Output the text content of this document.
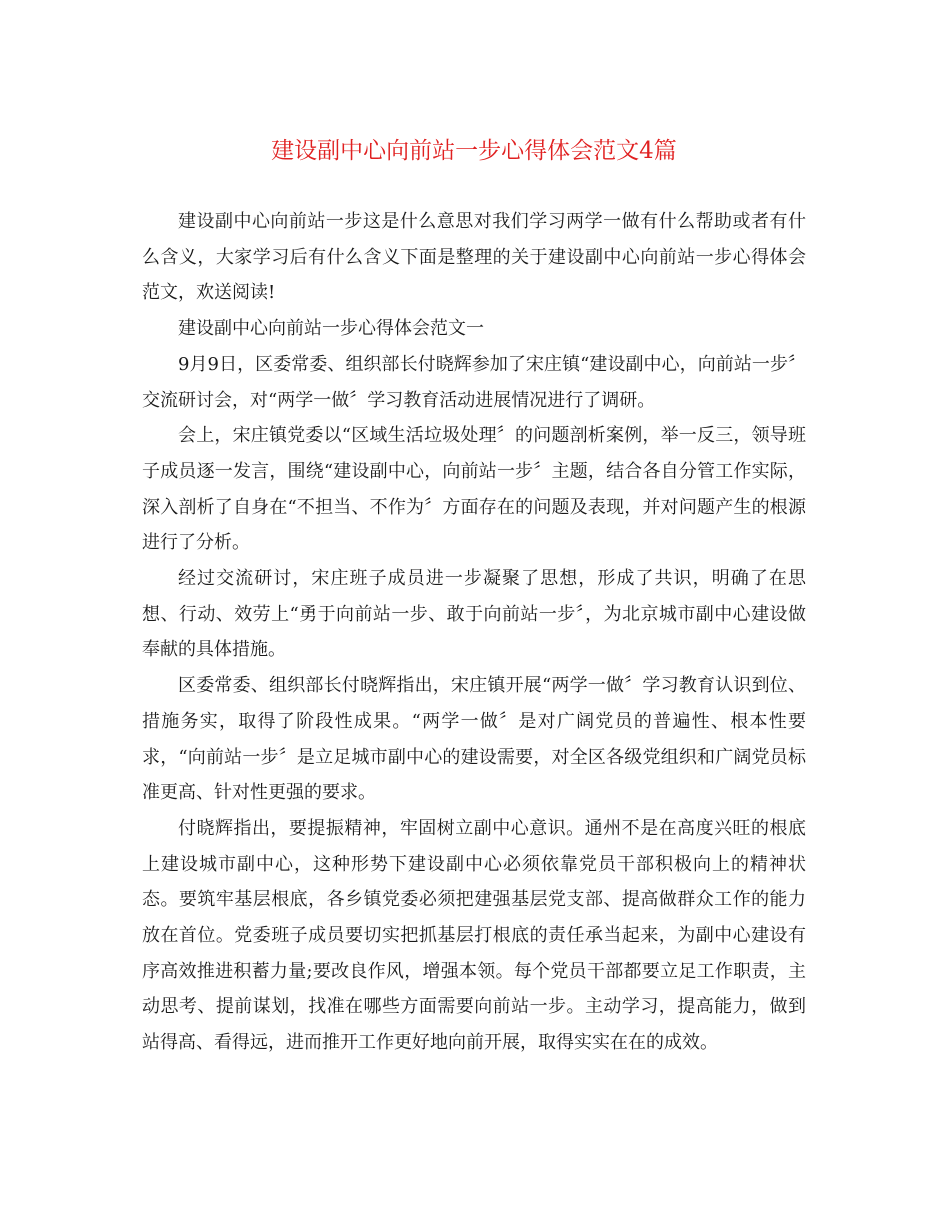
建设副中心向前站一步心得体会范文4篇

建设副中心向前站一步这是什么意思对我们学习两学一做有什么帮助或者有什么含义，大家学习后有什么含义下面是整理的关于建设副中心向前站一步心得体会范文，欢送阅读!

建设副中心向前站一步心得体会范文一

9月9日，区委常委、组织部长付晓辉参加了宋庄镇“建设副中心，向前站一步〞交流研讨会，对“两学一做〞学习教育活动进展情况进行了调研。

会上，宋庄镇党委以“区域生活垃圾处理〞的问题剖析案例，举一反三，领导班子成员逐一发言，围绕“建设副中心，向前站一步〞主题，结合各自分管工作实际，深入剖析了自身在“不担当、不作为〞方面存在的问题及表现，并对问题产生的根源进行了分析。

经过交流研讨，宋庄班子成员进一步凝聚了思想，形成了共识，明确了在思想、行动、效劳上“勇于向前站一步、敢于向前站一步〞，为北京城市副中心建设做奉献的具体措施。

区委常委、组织部长付晓辉指出，宋庄镇开展“两学一做〞学习教育认识到位、措施务实，取得了阶段性成果。“两学一做〞是对广阔党员的普遍性、根本性要求，“向前站一步〞是立足城市副中心的建设需要，对全区各级党组织和广阔党员标准更高、针对性更强的要求。

付晓辉指出，要提振精神，牢固树立副中心意识。通州不是在高度兴旺的根底上建设城市副中心，这种形势下建设副中心必须依靠党员干部积极向上的精神状态。要筑牢基层根底，各乡镇党委必须把建强基层党支部、提高做群众工作的能力放在首位。党委班子成员要切实把抓基层打根底的责任承当起来，为副中心建设有序高效推进积蓄力量;要改良作风，增强本领。每个党员干部都要立足工作职责，主动思考、提前谋划，找准在哪些方面需要向前站一步。主动学习，提高能力，做到站得高、看得远，进而推开工作更好地向前开展，取得实实在在的成效。
